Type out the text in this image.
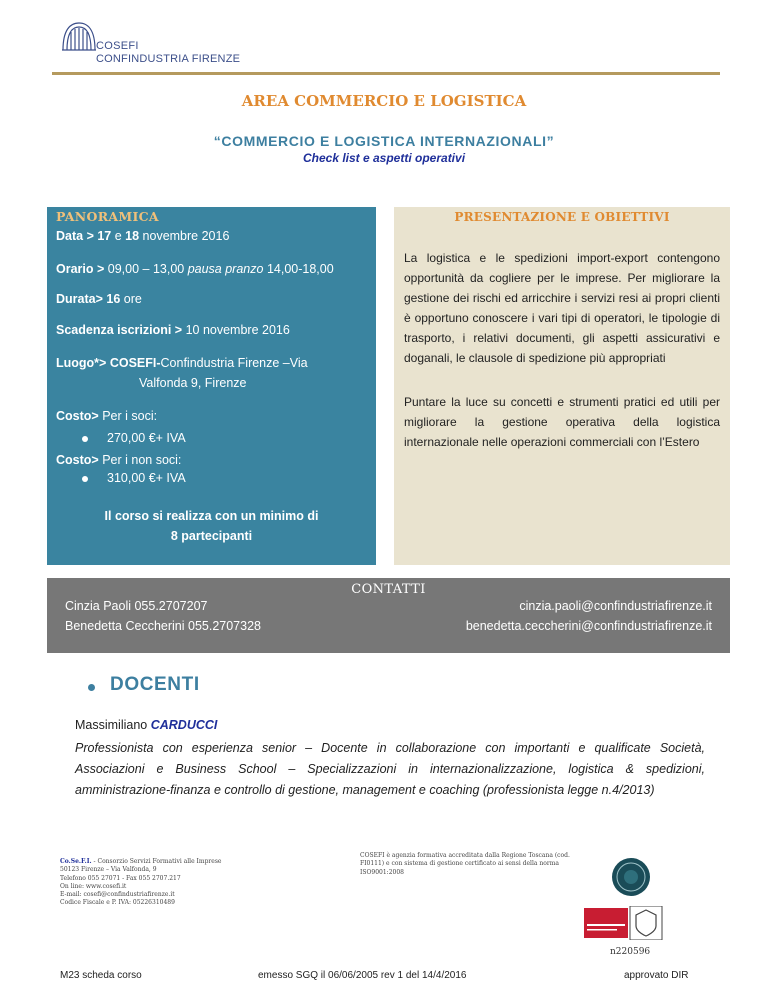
COSEFI
CONFINDUSTRIA FIRENZE
AREA COMMERCIO E LOGISTICA
“COMMERCIO E LOGISTICA INTERNAZIONALI”
Check list e aspetti operativi
PANORAMICA
Data > 17 e 18 novembre 2016
Orario > 09,00 – 13,00 pausa pranzo 14,00-18,00
Durata> 16 ore
Scadenza iscrizioni > 10 novembre 2016
Luogo*> COSEFI-Confindustria Firenze –Via
Valfonda 9, Firenze
Costo> Per i soci:
270,00 €+ IVA
Costo> Per i non soci:
310,00 €+ IVA
Il corso si realizza con un minimo di
8 partecipanti
PRESENTAZIONE E OBIETTIVI
La logistica e le spedizioni import-export contengono opportunità da cogliere per le imprese. Per migliorare la gestione dei rischi ed arricchire i servizi resi ai propri clienti è opportuno conoscere i vari tipi di operatori, le tipologie di trasporto, i relativi documenti, gli aspetti assicurativi e doganali, le clausole di spedizione più appropriati
Puntare la luce su concetti e strumenti pratici ed utili per migliorare la gestione operativa della logistica internazionale nelle operazioni commerciali con l’Estero
CONTATTI
Cinzia Paoli 055.2707207
Benedetta Ceccherini 055.2707328
cinzia.paoli@confindustriafirenze.it
benedetta.ceccherini@confindustriafirenze.it
DOCENTI
Massimiliano CARDUCCI
Professionista con esperienza senior – Docente in collaborazione con importanti e qualificate Società, Associazioni e Business School – Specializzazioni in internazionalizzazione, logistica & spedizioni, amministrazione-finanza e controllo di gestione, management e coaching (professionista legge n.4/2013)
Co.Se.F.I. - Consorzio Servizi Formativi alle Imprese
50123 Firenze – Via Valfonda, 9
Telefono 055 27071 - Fax 055 2707.217
On line: www.cosefi.it
E-mail: cosefi@confindustriafirenze.it
Codice Fiscale e P. IVA: 05226310489
COSEFI è agenzia formativa accreditata dalla Regione Toscana (cod. FI0111) e con sistema di gestione certificato ai sensi della norma ISO9001:2008
n220596
M23 scheda corso	emesso SGQ il 06/06/2005 rev 1 del 14/4/2016	approvato DIR
